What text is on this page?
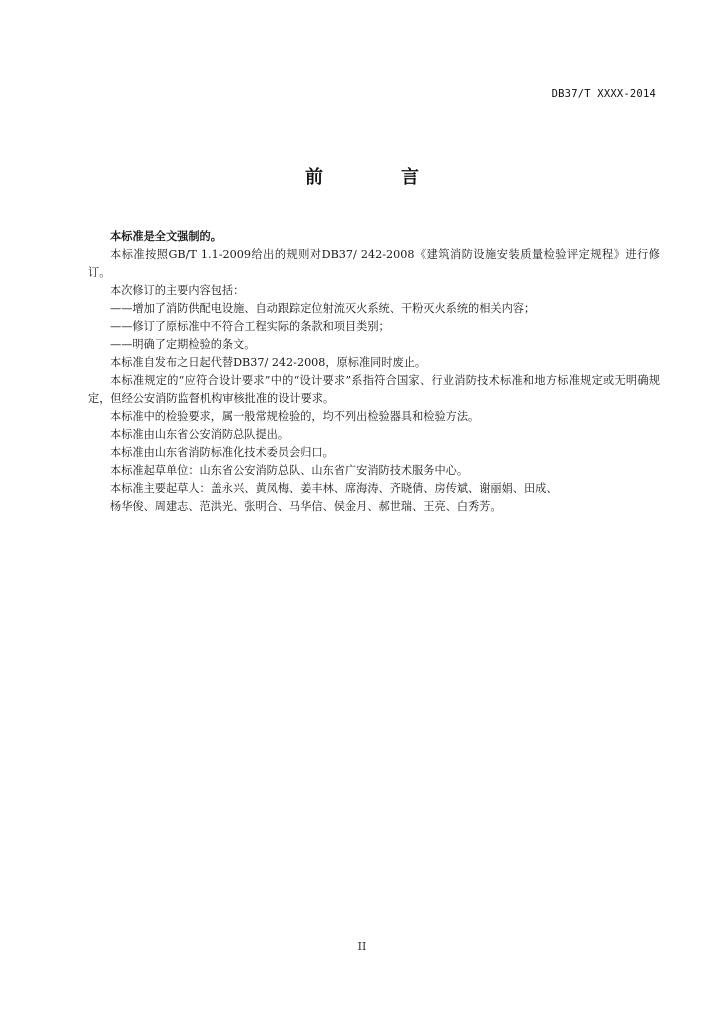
DB37/T XXXX-2014
前　言

本标准是全文强制的。

本标准按照GB/T 1.1-2009给出的规则对DB37/ 242-2008《建筑消防设施安装质量检验评定规程》进行修订。

本次修订的主要内容包括：

——增加了消防供配电设施、自动跟踪定位射流灭火系统、干粉灭火系统的相关内容；

——修订了原标准中不符合工程实际的条款和项目类别；

——明确了定期检验的条文。

本标准自发布之日起代替DB37/ 242-2008，原标准同时废止。

本标准规定的“应符合设计要求”中的“设计要求”系指符合国家、行业消防技术标准和地方标准规定或无明确规定，但经公安消防监督机构审核批准的设计要求。

本标准中的检验要求，属一般常规检验的，均不列出检验器具和检验方法。

本标准由山东省公安消防总队提出。

本标准由山东省消防标准化技术委员会归口。

本标准起草单位：山东省公安消防总队、山东省广安消防技术服务中心。

本标准主要起草人：盖永兴、黄凤梅、姜丰林、席海涛、齐晓倩、房传斌、谢丽娟、田成、

杨华俊、周建志、范洪光、张明合、马华信、侯金月、郝世瑞、王亮、白秀芳。

II
